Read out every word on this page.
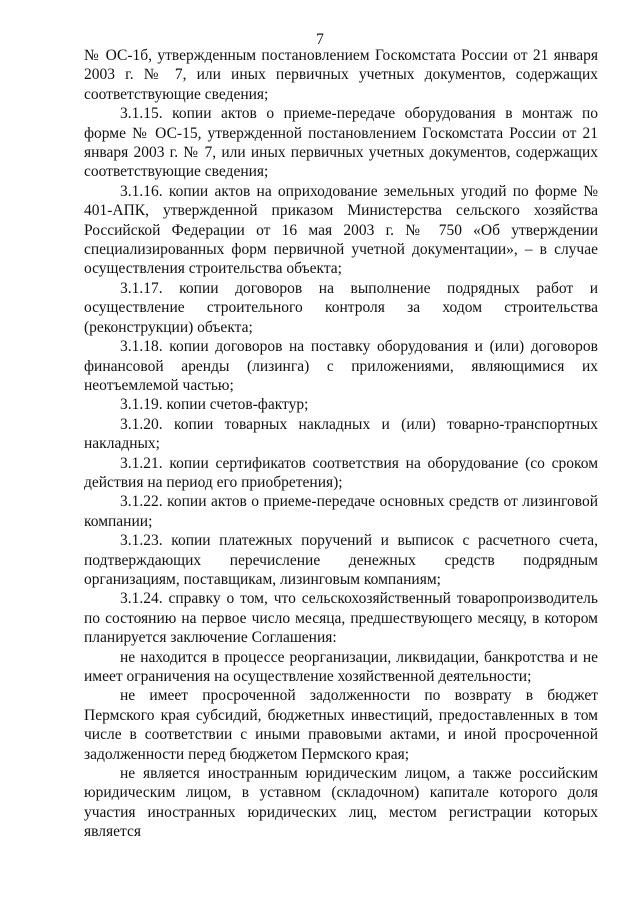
7

№ ОС-1б, утвержденным постановлением Госкомстата России от 21 января 2003 г. № 7, или иных первичных учетных документов, содержащих соответствующие сведения;

3.1.15. копии актов о приеме-передаче оборудования в монтаж по форме № ОС-15, утвержденной постановлением Госкомстата России от 21 января 2003 г. № 7, или иных первичных учетных документов, содержащих соответствующие сведения;

3.1.16. копии актов на оприходование земельных угодий по форме № 401-АПК, утвержденной приказом Министерства сельского хозяйства Российской Федерации от 16 мая 2003 г. № 750 «Об утверждении специализированных форм первичной учетной документации», – в случае осуществления строительства объекта;

3.1.17. копии договоров на выполнение подрядных работ и осуществление строительного контроля за ходом строительства (реконструкции) объекта;

3.1.18. копии договоров на поставку оборудования и (или) договоров финансовой аренды (лизинга) с приложениями, являющимися их неотъемлемой частью;

3.1.19. копии счетов-фактур;

3.1.20. копии товарных накладных и (или) товарно-транспортных накладных;

3.1.21. копии сертификатов соответствия на оборудование (со сроком действия на период его приобретения);

3.1.22. копии актов о приеме-передаче основных средств от лизинговой компании;

3.1.23. копии платежных поручений и выписок с расчетного счета, подтверждающих перечисление денежных средств подрядным организациям, поставщикам, лизинговым компаниям;

3.1.24. справку о том, что сельскохозяйственный товаропроизводитель по состоянию на первое число месяца, предшествующего месяцу, в котором планируется заключение Соглашения:

не находится в процессе реорганизации, ликвидации, банкротства и не имеет ограничения на осуществление хозяйственной деятельности;

не имеет просроченной задолженности по возврату в бюджет Пермского края субсидий, бюджетных инвестиций, предоставленных в том числе в соответствии с иными правовыми актами, и иной просроченной задолженности перед бюджетом Пермского края;

не является иностранным юридическим лицом, а также российским юридическим лицом, в уставном (складочном) капитале которого доля участия иностранных юридических лиц, местом регистрации которых является
